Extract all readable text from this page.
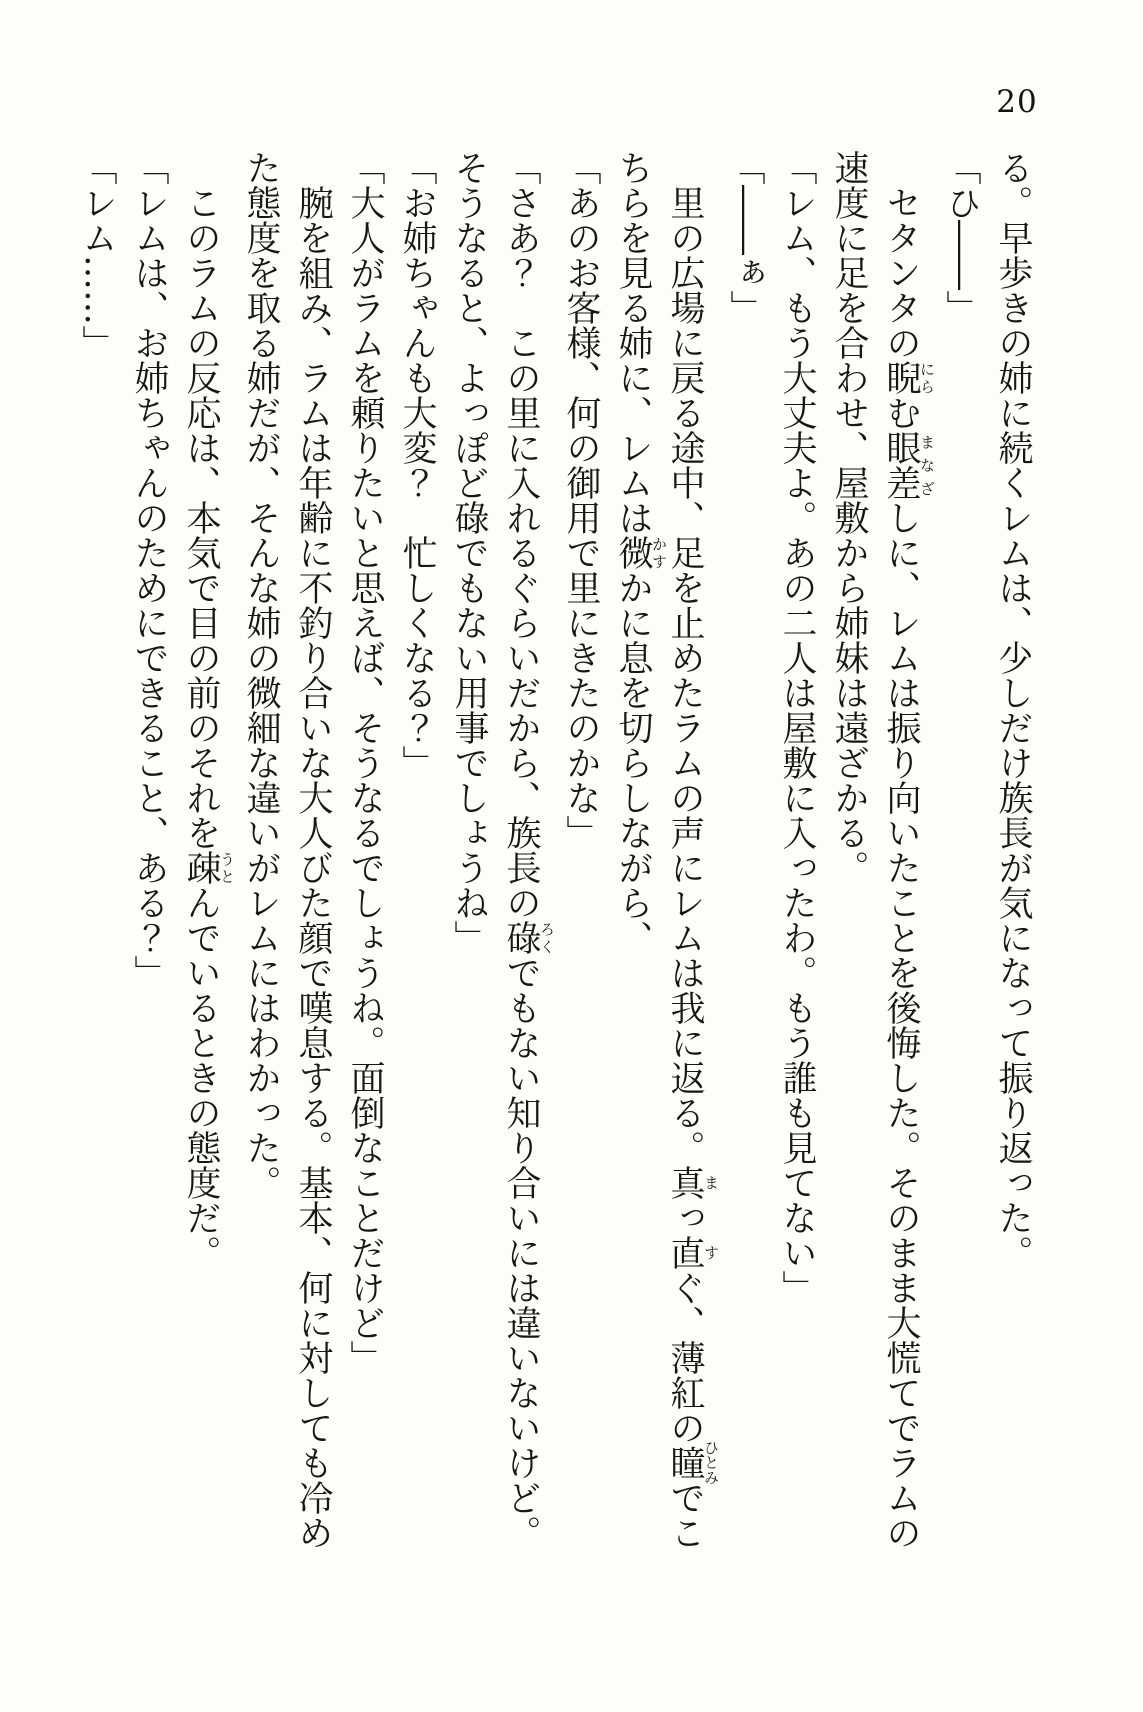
20

る。早歩きの姉に続くレムは、少しだけ族長が気になって振り返った。

「ひ――」

セタンタの睨にらむ眼差まなざしに、レムは振り向いたことを後悔した。そのまま大慌てでラムの速度に足を合わせ、屋敷から姉妹は遠ざかる。

「レム、もう大丈夫よ。あの二人は屋敷に入ったわ。もう誰も見てない」

「――ぁ」

里の広場に戻る途中、足を止めたラムの声にレムは我に返る。真まっ直すぐ、薄紅の瞳ひとみでこちらを見る姉に、レムは微かすかに息を切らしながら、

「あのお客様、何の御用で里にきたのかな」

「さあ？　この里に入れるぐらいだから、族長の碌ろくでもない知り合いには違いないけど。そうなると、よっぽど碌でもない用事でしょうね」

「お姉ちゃんも大変？　忙しくなる？」

「大人がラムを頼りたいと思えば、そうなるでしょうね。面倒なことだけど」

腕を組み、ラムは年齢に不釣り合いな大人びた顔で嘆息する。基本、何に対しても冷めた態度を取る姉だが、そんな姉の微細な違いがレムにはわかった。

このラムの反応は、本気で目の前のそれを疎うとんでいるときの態度だ。

「レムは、お姉ちゃんのためにできること、ある？」

「レム……」
